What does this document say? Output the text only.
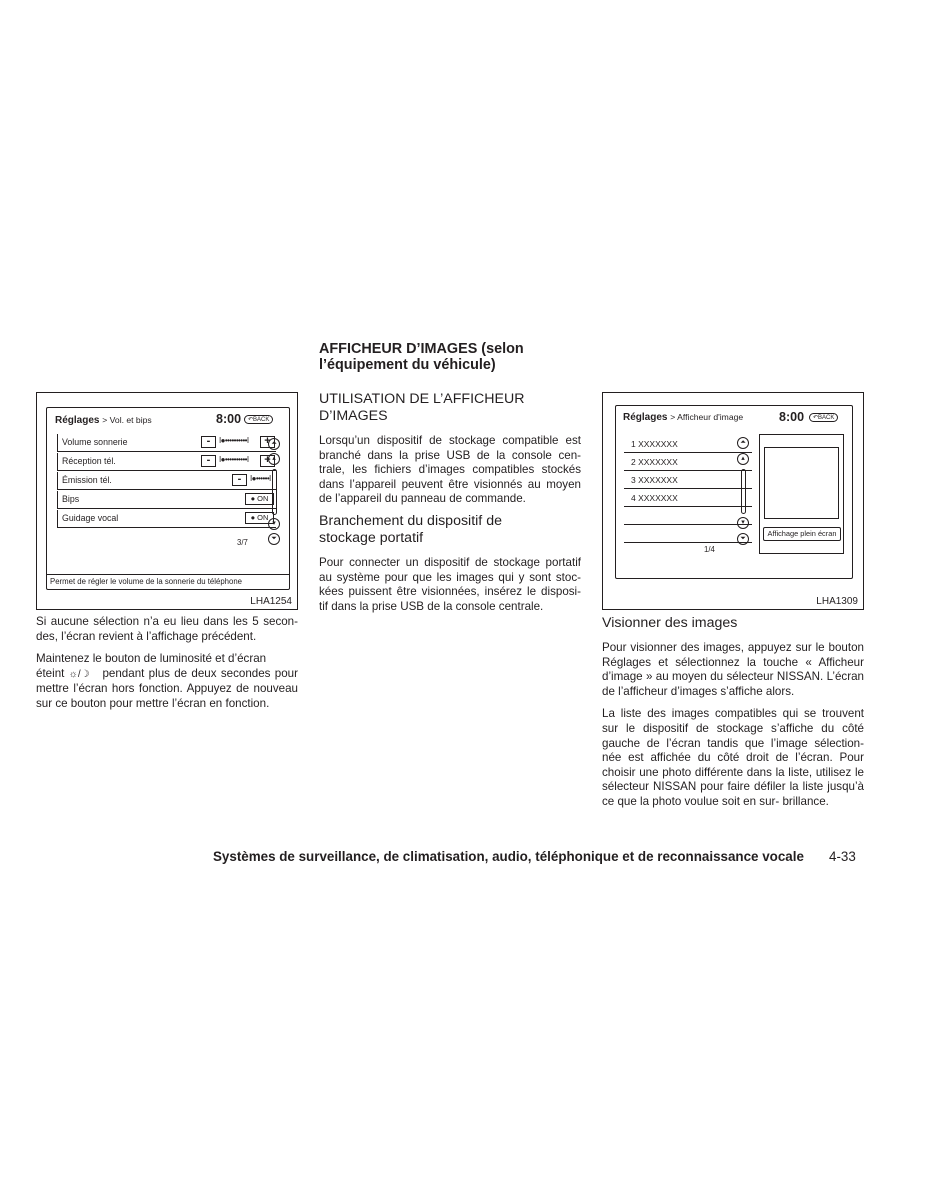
Réglages > Vol. et bips	8:00	↶BACK
Volume sonnerie	-	I●••••••••••I	+
Réception tél.	-	I●••••••••••I	+
Émission tél.	-	I●••••••I
Bips	● ON
Guidage vocal	● ON
⏶
▴
▾
⏷
3/7
Permet de régler le volume de la sonnerie du téléphone
LHA1254

Si aucune sélection n’a eu lieu dans les 5 secon- des, l’écran revient à l’affichage précédent.

Maintenez le bouton de luminosité et d’écran
éteint ☼/☽ pendant plus de deux secondes pour mettre l’écran hors fonction. Appuyez de nouveau sur ce bouton pour mettre l’écran en fonction.

AFFICHEUR D’IMAGES (selon
l’équipement du véhicule)
UTILISATION DE L’AFFICHEUR
D’IMAGES

Lorsqu’un dispositif de stockage compatible est branché dans la prise USB de la console cen- trale, les fichiers d’images compatibles stockés dans l’appareil peuvent être visionnés au moyen de l’appareil du panneau de commande.

Branchement du dispositif de
stockage portatif

Pour connecter un dispositif de stockage portatif au système pour que les images qui y sont stoc- kées puissent être visionnées, insérez le disposi- tif dans la prise USB de la console centrale.

Réglages > Afficheur d'image	8:00	↶BACK
1 XXXXXXX
2 XXXXXXX
3 XXXXXXX
4 XXXXXXX
⏶
▴
▾
⏷
1/4
Affichage plein écran
LHA1309
Visionner des images

Pour visionner des images, appuyez sur le bouton Réglages et sélectionnez la touche « Afficheur d’image » au moyen du sélecteur NISSAN. L’écran de l’afficheur d’images s’affiche alors.

La liste des images compatibles qui se trouvent sur le dispositif de stockage s’affiche du côté gauche de l’écran tandis que l’image sélection- née est affichée du côté droit de l’écran. Pour choisir une photo différente dans la liste, utilisez le sélecteur NISSAN pour faire défiler la liste jusqu’à ce que la photo voulue soit en sur- brillance.

Systèmes de surveillance, de climatisation, audio, téléphonique et de reconnaissance vocale 4-33
